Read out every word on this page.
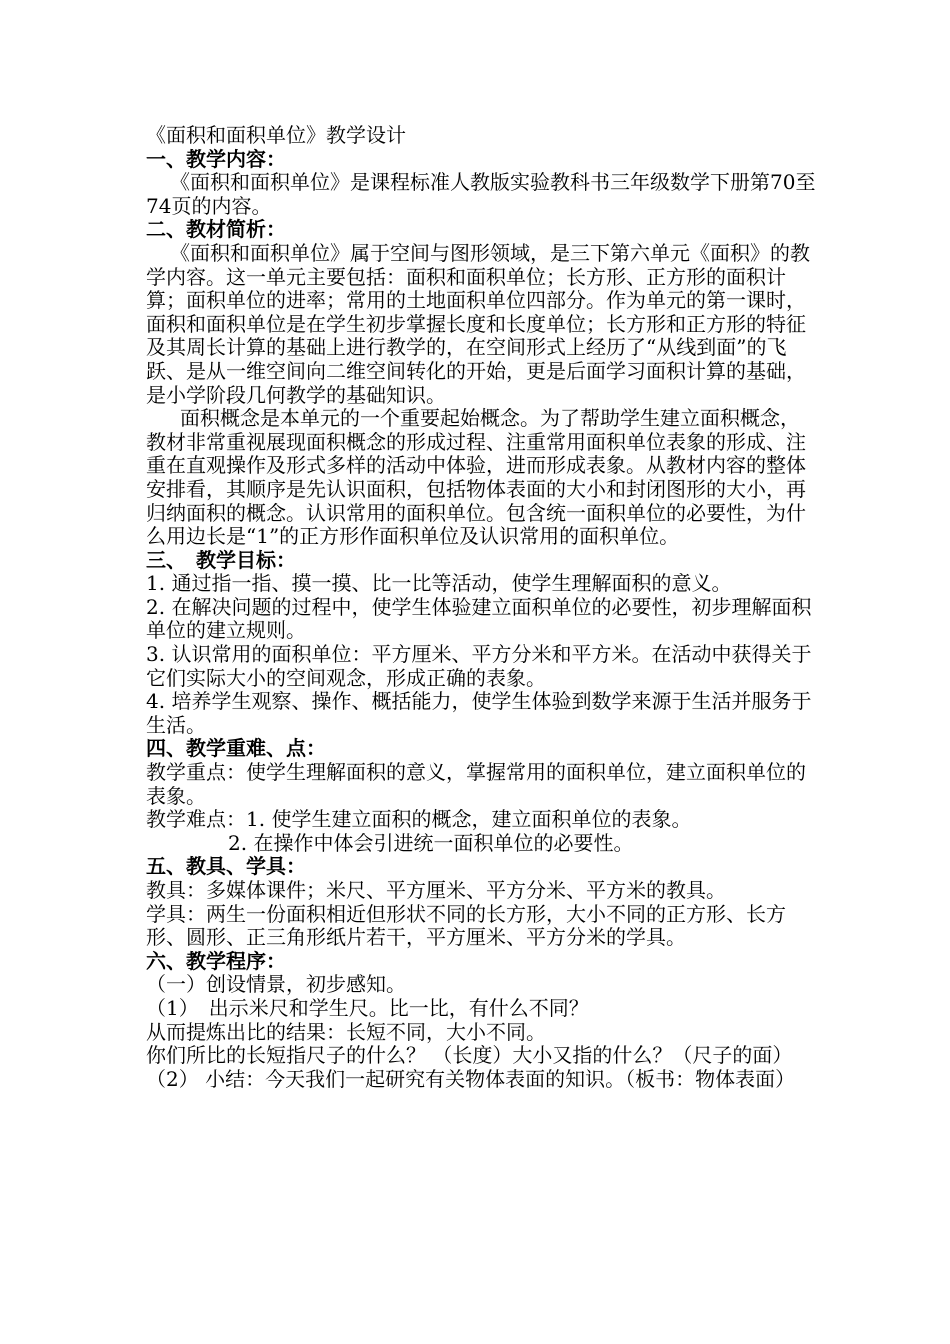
《面积和面积单位》教学设计

一、教学内容：

《面积和面积单位》是课程标准人教版实验教科书三年级数学下册第70至74页的内容。

二、教材简析：

《面积和面积单位》属于空间与图形领域，是三下第六单元《面积》的教学内容。这一单元主要包括：面积和面积单位；长方形、正方形的面积计算；面积单位的进率；常用的土地面积单位四部分。作为单元的第一课时，面积和面积单位是在学生初步掌握长度和长度单位；长方形和正方形的特征及其周长计算的基础上进行教学的，在空间形式上经历了“从线到面”的飞跃、是从一维空间向二维空间转化的开始，更是后面学习面积计算的基础，是小学阶段几何教学的基础知识。

面积概念是本单元的一个重要起始概念。为了帮助学生建立面积概念，教材非常重视展现面积概念的形成过程、注重常用面积单位表象的形成、注重在直观操作及形式多样的活动中体验，进而形成表象。从教材内容的整体安排看，其顺序是先认识面积，包括物体表面的大小和封闭图形的大小，再归纳面积的概念。认识常用的面积单位。包含统一面积单位的必要性，为什么用边长是“1”的正方形作面积单位及认识常用的面积单位。

三、　教学目标：

1. 通过指一指、摸一摸、比一比等活动，使学生理解面积的意义。

2. 在解决问题的过程中，使学生体验建立面积单位的必要性，初步理解面积单位的建立规则。

3. 认识常用的面积单位：平方厘米、平方分米和平方米。在活动中获得关于它们实际大小的空间观念，形成正确的表象。

4. 培养学生观察、操作、概括能力，使学生体验到数学来源于生活并服务于生活。

四、教学重难、点：

教学重点：使学生理解面积的意义，掌握常用的面积单位，建立面积单位的表象。

教学难点：1. 使学生建立面积的概念，建立面积单位的表象。

2. 在操作中体会引进统一面积单位的必要性。

五、教具、学具：

教具：多媒体课件；米尺、平方厘米、平方分米、平方米的教具。

学具：两生一份面积相近但形状不同的长方形，大小不同的正方形、长方形、圆形、正三角形纸片若干，平方厘米、平方分米的学具。

六、教学程序：

（一）创设情景，初步感知。

（1）　出示米尺和学生尺。比一比，有什么不同？

从而提炼出比的结果：长短不同，大小不同。

你们所比的长短指尺子的什么？ （长度）大小又指的什么？（尺子的面）

（2） 小结：今天我们一起研究有关物体表面的知识。（板书：物体表面）
